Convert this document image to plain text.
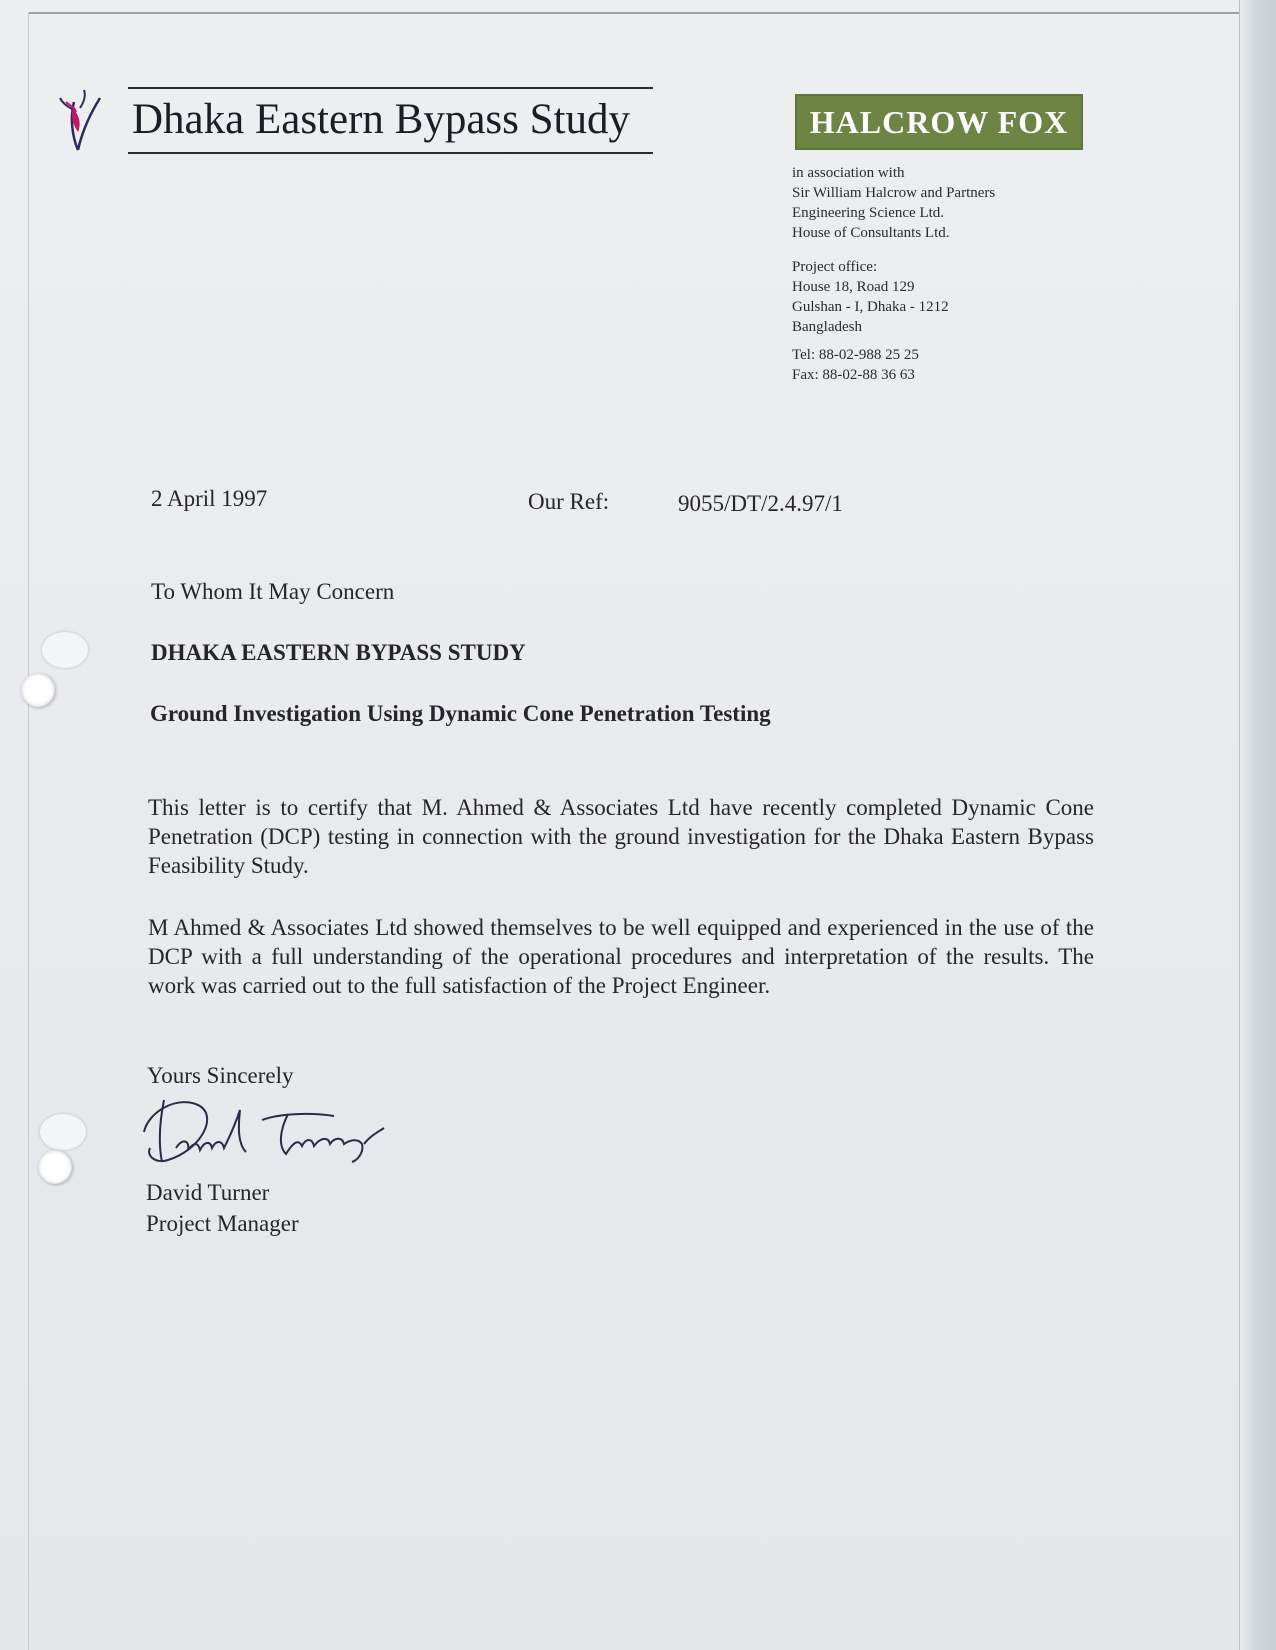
Dhaka Eastern Bypass Study	HALCROW FOX
in association with
Sir William Halcrow and Partners
Engineering Science Ltd.
House of Consultants Ltd.
Project office:
House 18, Road 129
Gulshan - I, Dhaka - 1212
Bangladesh
Tel: 88-02-988 25 25
Fax: 88-02-88 36 63
2 April 1997	Our Ref:	9055/DT/2.4.97/1
To Whom It May Concern
DHAKA EASTERN BYPASS STUDY
Ground Investigation Using Dynamic Cone Penetration Testing
This letter is to certify that M. Ahmed & Associates Ltd have recently completed Dynamic Cone Penetration (DCP) testing in connection with the ground investigation for the Dhaka Eastern Bypass Feasibility Study.
M Ahmed & Associates Ltd showed themselves to be well equipped and experienced in the use of the DCP with a full understanding of the operational procedures and interpretation of the results. The work was carried out to the full satisfaction of the Project Engineer.
Yours Sincerely
David Turner
Project Manager
